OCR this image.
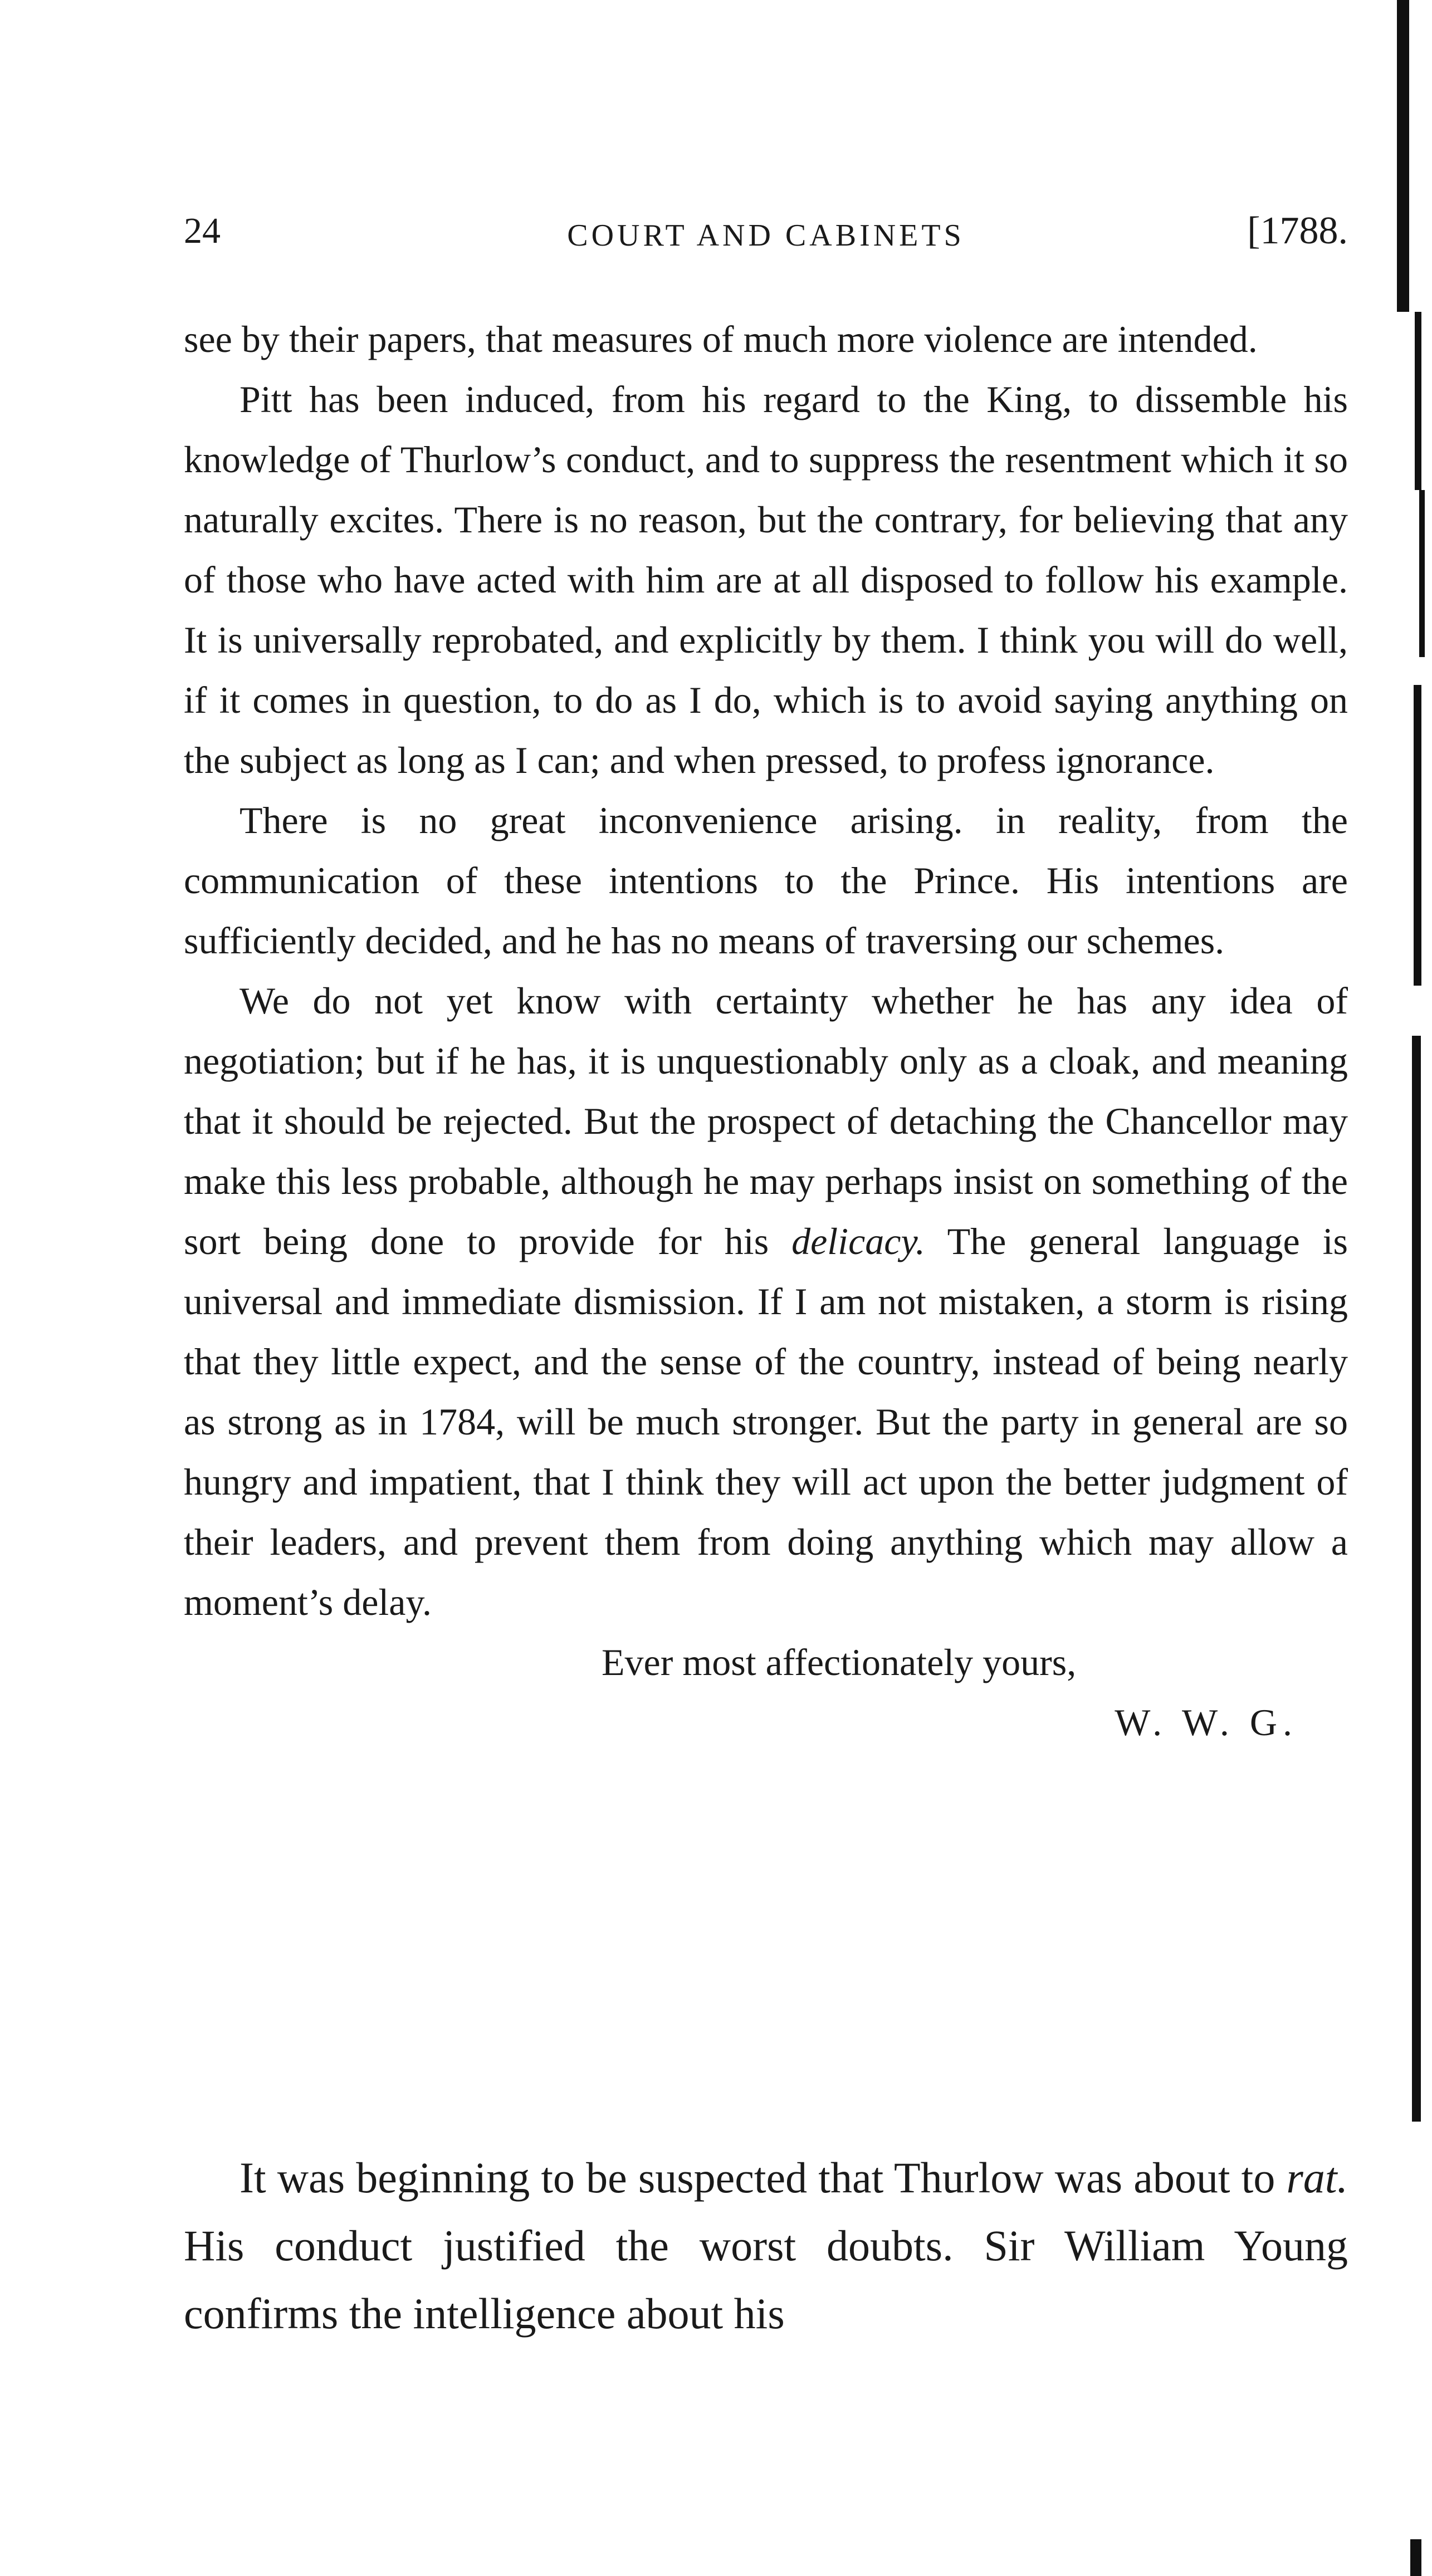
24	COURT AND CABINETS	[1788.

see by their papers, that measures of much more violence are intended.

Pitt has been induced, from his regard to the King, to dissemble his knowledge of Thurlow’s conduct, and to suppress the resentment which it so naturally excites. There is no reason, but the contrary, for believing that any of those who have acted with him are at all disposed to follow his example. It is universally reprobated, and explicitly by them. I think you will do well, if it comes in question, to do as I do, which is to avoid saying anything on the subject as long as I can; and when pressed, to profess ignorance.

There is no great inconvenience arising. in reality, from the communication of these intentions to the Prince. His intentions are sufficiently decided, and he has no means of traversing our schemes.

We do not yet know with certainty whether he has any idea of negotiation; but if he has, it is unquestionably only as a cloak, and meaning that it should be rejected. But the prospect of detaching the Chancellor may make this less probable, although he may perhaps insist on something of the sort being done to provide for his delicacy. The general language is universal and immediate dismission. If I am not mistaken, a storm is rising that they little expect, and the sense of the country, instead of being nearly as strong as in 1784, will be much stronger. But the party in general are so hungry and impatient, that I think they will act upon the better judgment of their leaders, and prevent them from doing anything which may allow a moment’s delay.

Ever most affectionately yours,
W. W. G.

It was beginning to be suspected that Thurlow was about to rat. His conduct justified the worst doubts. Sir William Young confirms the intelligence about his
